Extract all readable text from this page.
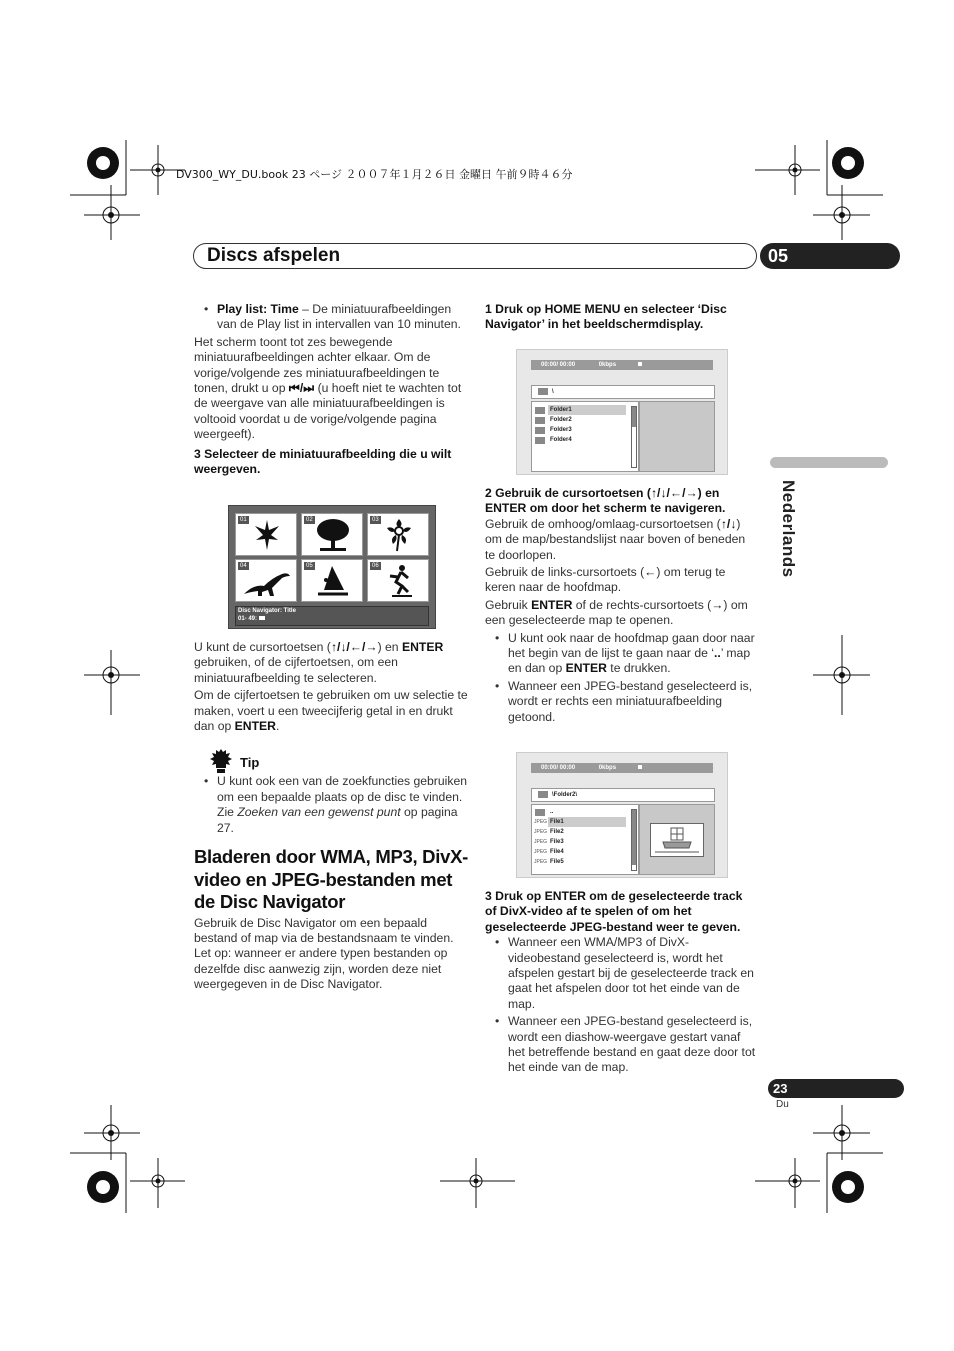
DV300_WY_DU.book 23 ページ ２００７年１月２６日 金曜日 午前９時４６分
Discs afspelen	05
Nederlands

• Play list: Time – De miniatuurafbeeldingen van de Play list in intervallen van 10 minuten.

Het scherm toont tot zes bewegende miniatuurafbeeldingen achter elkaar. Om de vorige/volgende zes miniatuurafbeeldingen te tonen, drukt u op ⏮/⏭ (u hoeft niet te wachten tot de weergave van alle miniatuurafbeeldingen is voltooid voordat u de vorige/volgende pagina weergeeft).

3 Selecteer de miniatuurafbeelding die u wilt weergeven.

01	02	03
04	05	06
Disc Navigator: Title
01- 49:

U kunt de cursortoetsen (↑/↓/←/→) en ENTER gebruiken, of de cijfertoetsen, om een miniatuurafbeelding te selecteren.

Om de cijfertoetsen te gebruiken om uw selectie te maken, voert u een tweecijferig getal in en drukt dan op ENTER.

Tip

• U kunt ook een van de zoekfuncties gebruiken om een bepaalde plaats op de disc te vinden. Zie Zoeken van een gewenst punt op pagina 27.

Bladeren door WMA, MP3, DivX-video en JPEG-bestanden met de Disc Navigator

Gebruik de Disc Navigator om een bepaald bestand of map via de bestandsnaam te vinden. Let op: wanneer er andere typen bestanden op dezelfde disc aanwezig zijn, worden deze niet weergegeven in de Disc Navigator.

1 Druk op HOME MENU en selecteer ‘Disc Navigator’ in het beeldschermdisplay.

00:00/ 00:00	0kbps
\
Folder1
Folder2
Folder3
Folder4

2 Gebruik de cursortoetsen (↑/↓/←/→) en ENTER om door het scherm te navigeren.

Gebruik de omhoog/omlaag-cursortoetsen (↑/↓) om de map/bestandslijst naar boven of beneden te doorlopen.

Gebruik de links-cursortoets (←) om terug te keren naar de hoofdmap.

Gebruik ENTER of de rechts-cursortoets (→) om een geselecteerde map te openen.

• U kunt ook naar de hoofdmap gaan door naar het begin van de lijst te gaan naar de ‘..’ map en dan op ENTER te drukken.

• Wanneer een JPEG-bestand geselecteerd is, wordt er rechts een miniatuurafbeelding getoond.

00:00/ 00:00	0kbps
\Folder2\
..
JPEG File1
JPEG File2
JPEG File3
JPEG File4
JPEG File5

3 Druk op ENTER om de geselecteerde track of DivX-video af te spelen of om het geselecteerde JPEG-bestand weer te geven.

• Wanneer een WMA/MP3 of DivX-videobestand geselecteerd is, wordt het afspelen gestart bij de geselecteerde track en gaat het afspelen door tot het einde van de map.

• Wanneer een JPEG-bestand geselecteerd is, wordt een diashow-weergave gestart vanaf het betreffende bestand en gaat deze door tot het einde van de map.

23
Du
